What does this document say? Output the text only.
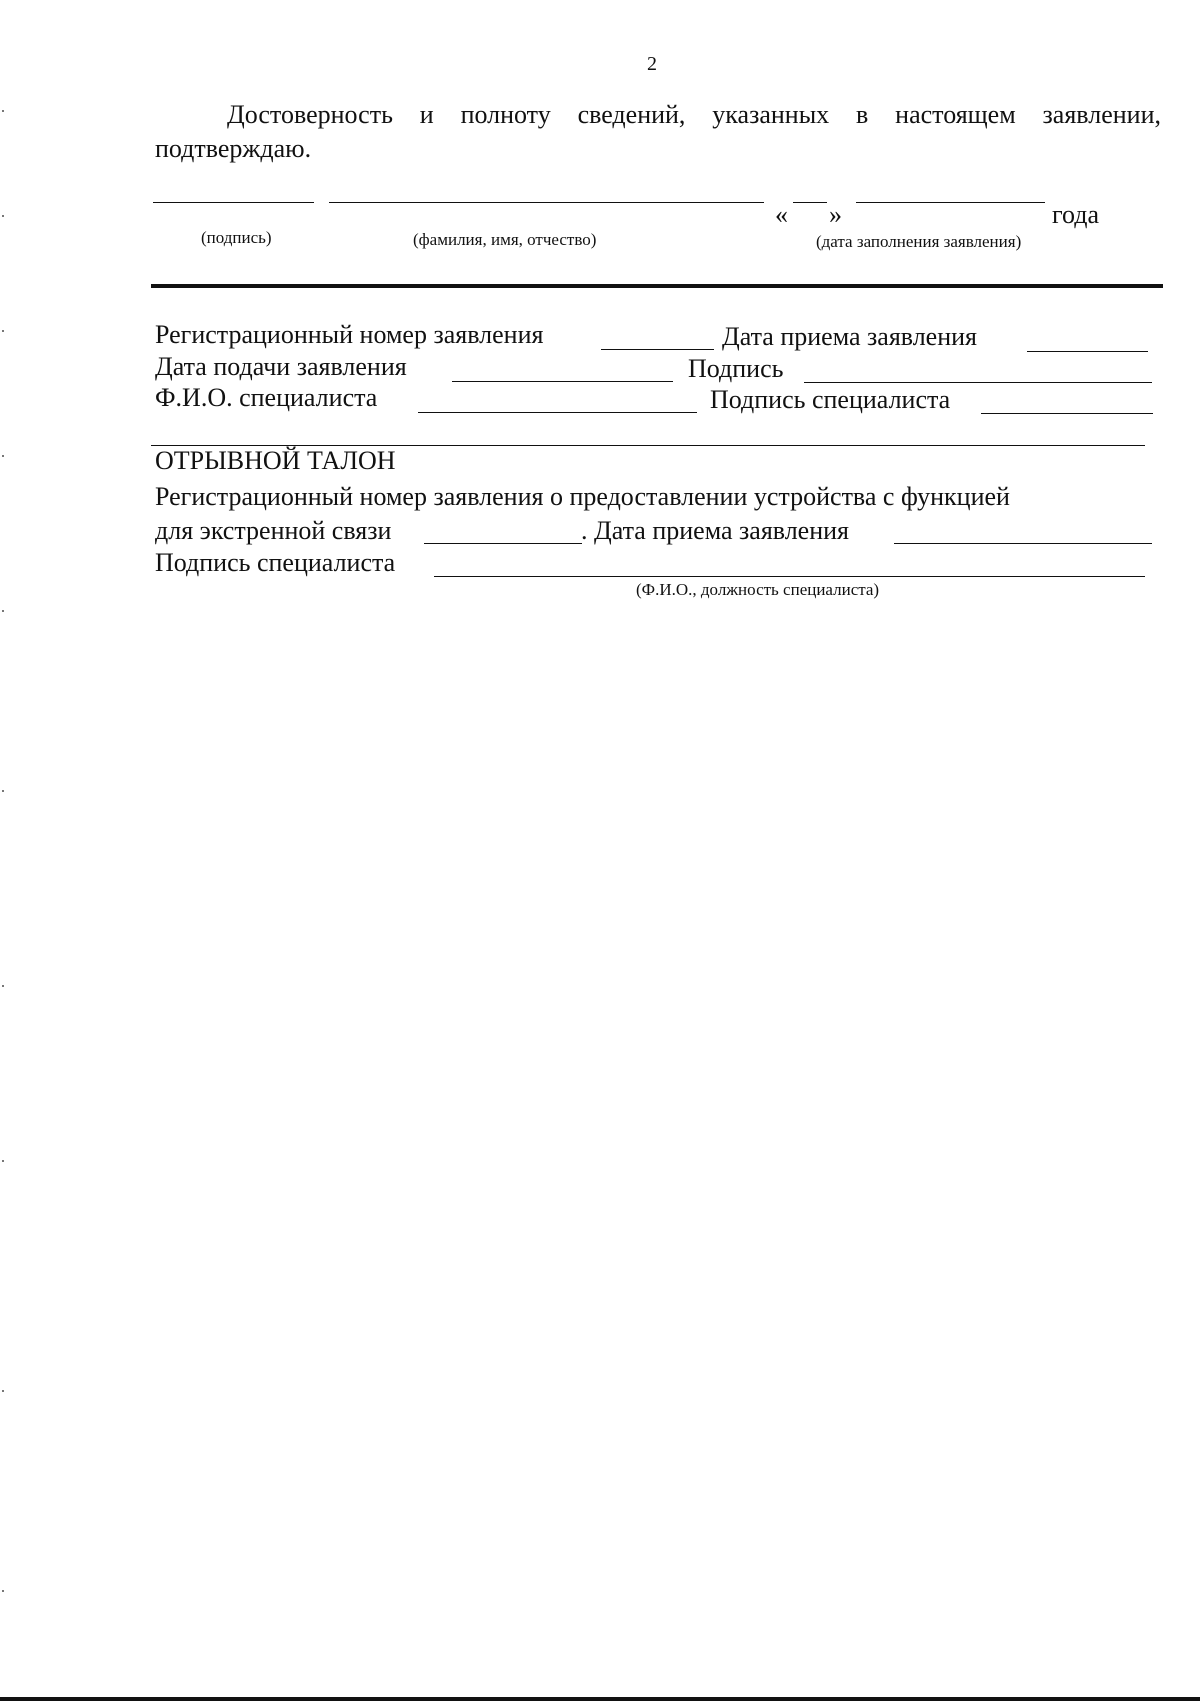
2
Достоверность и полноту сведений, указанных в настоящем заявлении,
подтверждаю.
« »	года
(подпись)	(фамилия, имя, отчество)	(дата заполнения заявления)
Регистрационный номер заявления	Дата приема заявления
Дата подачи заявления	Подпись
Ф.И.О. специалиста	Подпись специалиста
ОТРЫВНОЙ ТАЛОН
Регистрационный номер заявления о предоставлении устройства с функцией
для экстренной связи	. Дата приема заявления
Подпись специалиста
(Ф.И.О., должность специалиста)
